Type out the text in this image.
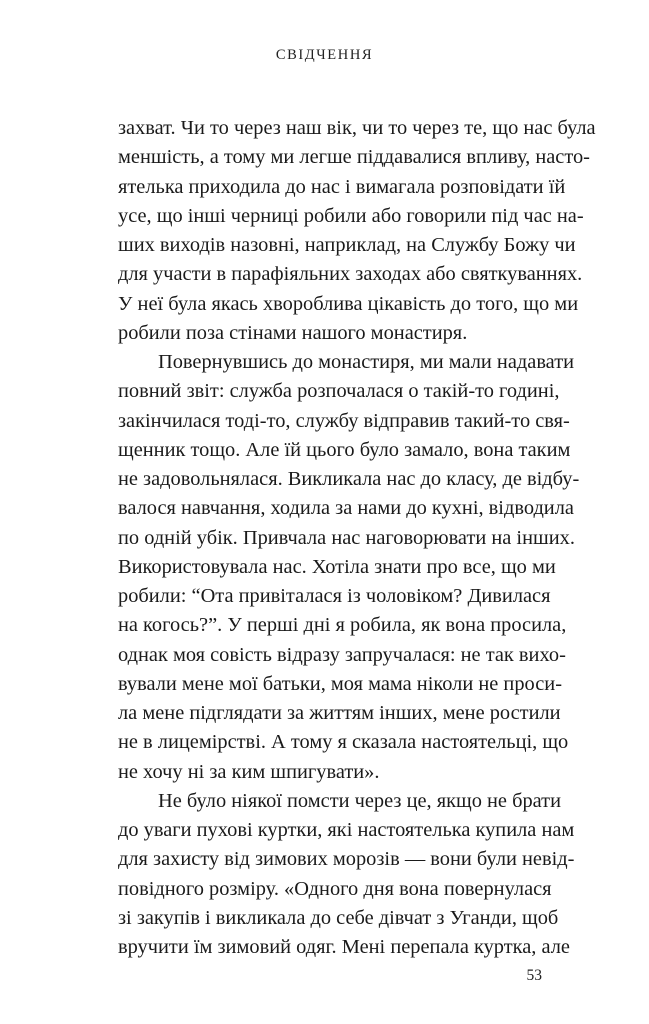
СВІДЧЕННЯ
захват. Чи то через наш вік, чи то через те, що нас була
меншість, а тому ми легше піддавалися впливу, насто-
ятелька приходила до нас і вимагала розповідати їй
усе, що інші черниці робили або говорили під час на-
ших виходів назовні, наприклад, на Службу Божу чи
для участи в парафіяльних заходах або святкуваннях.
У неї була якась хвороблива цікавість до того, що ми
робили поза стінами нашого монастиря.
Повернувшись до монастиря, ми мали надавати
повний звіт: служба розпочалася о такій-то годині,
закінчилася тоді-то, службу відправив такий-то свя-
щенник тощо. Але їй цього було замало, вона таким
не задовольнялася. Викликала нас до класу, де відбу-
валося навчання, ходила за нами до кухні, відводила
по одній убік. Привчала нас наговорювати на інших.
Використовувала нас. Хотіла знати про все, що ми
робили: “Ота привіталася із чоловіком? Дивилася
на когось?”. У перші дні я робила, як вона просила,
однак моя совість відразу запручалася: не так вихо-
вували мене мої батьки, моя мама ніколи не проси-
ла мене підглядати за життям інших, мене ростили
не в лицемірстві. А тому я сказала настоятельці, що
не хочу ні за ким шпигувати».
Не було ніякої помсти через це, якщо не брати
до уваги пухові куртки, які настоятелька купила нам
для захисту від зимових морозів — вони були невід-
повідного розміру. «Одного дня вона повернулася
зі закупів і викликала до себе дівчат з Уганди, щоб
вручити їм зимовий одяг. Мені перепала куртка, але
53
